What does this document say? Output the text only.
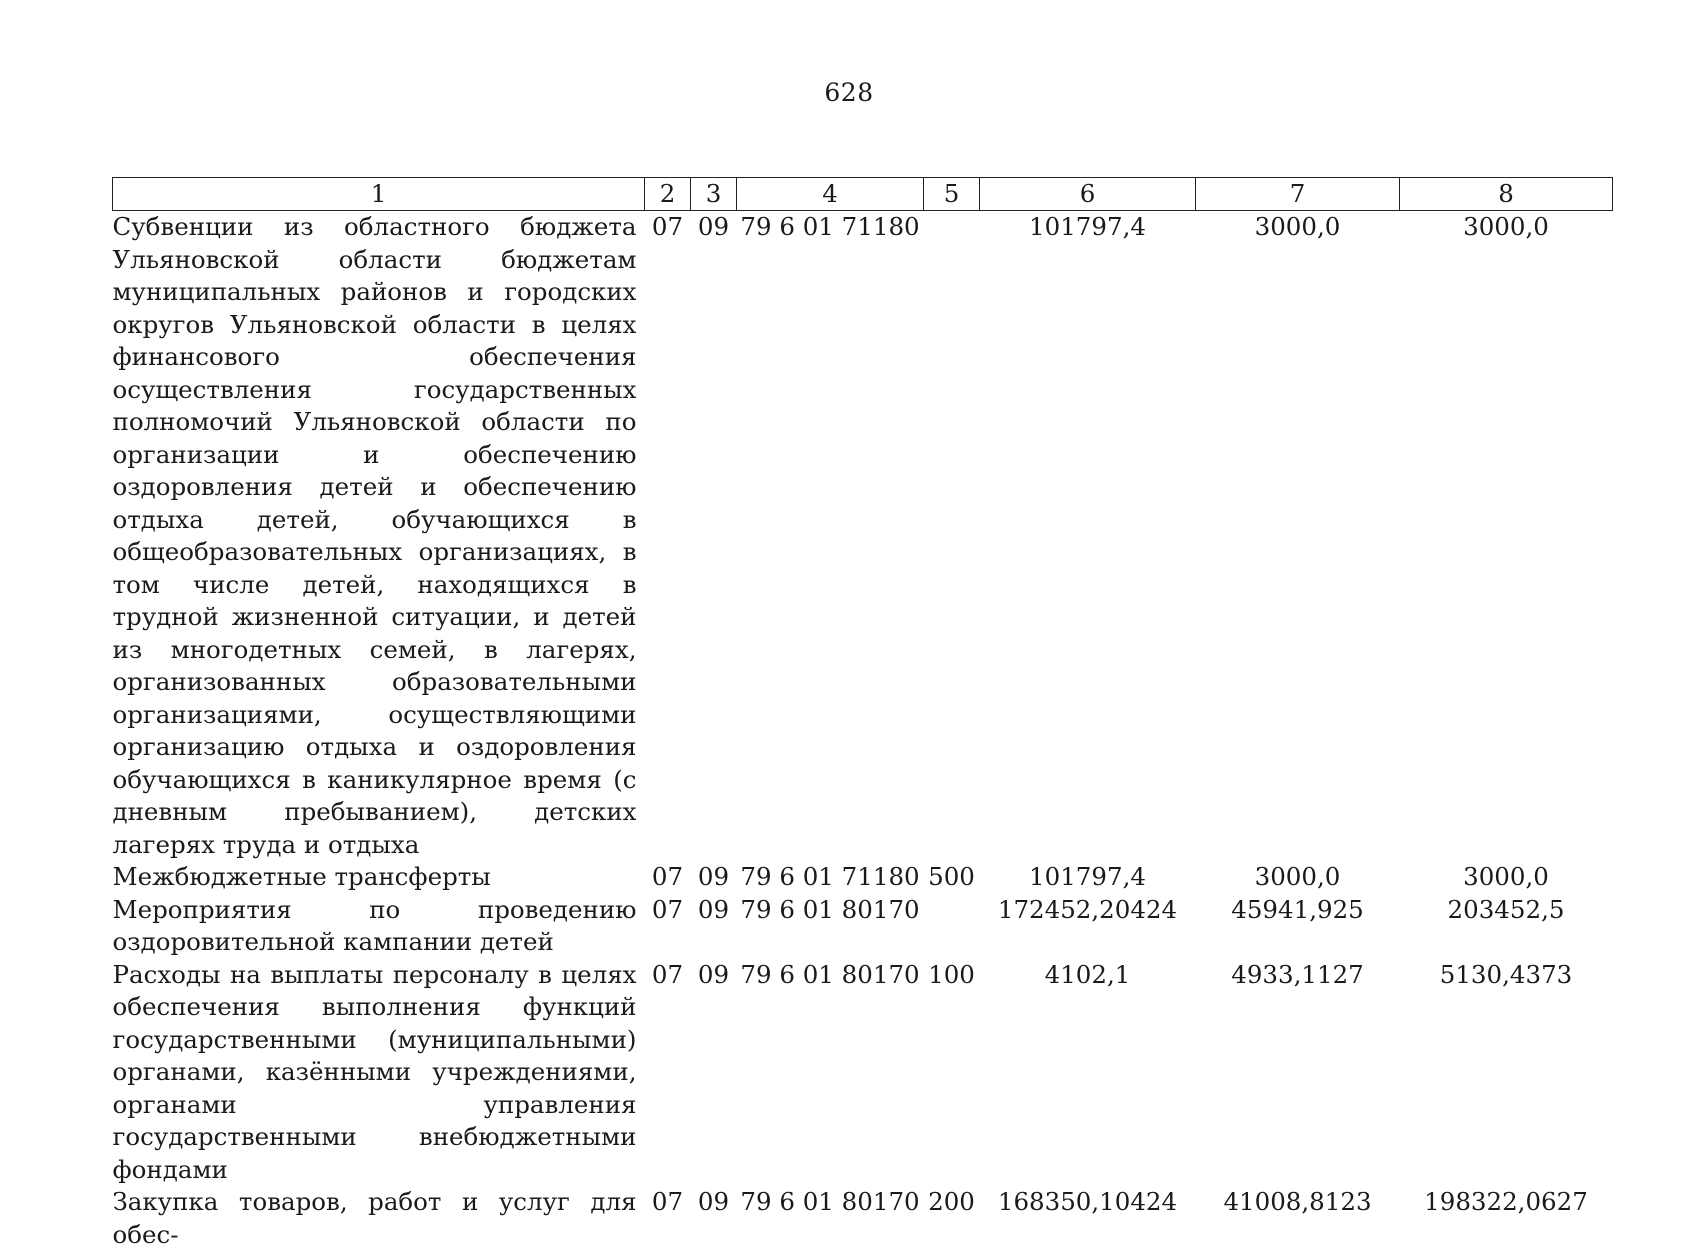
628
1	2	3	4	5	6	7	8
Субвенции из областного бюджета Ульяновской области бюджетам муниципальных районов и городских округов Ульяновской области в целях финансового обеспечения осуществления государственных полномочий Ульяновской области по организации и обеспечению оздоровления детей и обеспечению отдыха детей, обучающихся в общеобразовательных организациях, в том числе детей, находящихся в трудной жизненной ситуации, и детей из многодетных семей, в лагерях, организованных образовательными организациями, осуществляющими организацию отдыха и оздоровления обучающихся в каникулярное время (с дневным пребыванием), детских лагерях труда и отдыха	07	09	79 6 01 71180		101797,4	3000,0	3000,0
Межбюджетные трансферты	07	09	79 6 01 71180	500	101797,4	3000,0	3000,0
Мероприятия по проведению оздоровительной кампании детей	07	09	79 6 01 80170		172452,20424	45941,925	203452,5
Расходы на выплаты персоналу в целях обеспечения выполнения функций государственными (муниципальными) органами, казёнными учреждениями, органами управления государственными внебюджетными фондами	07	09	79 6 01 80170	100	4102,1	4933,1127	5130,4373
Закупка товаров, работ и услуг для обес-	07	09	79 6 01 80170	200	168350,10424	41008,8123	198322,0627
